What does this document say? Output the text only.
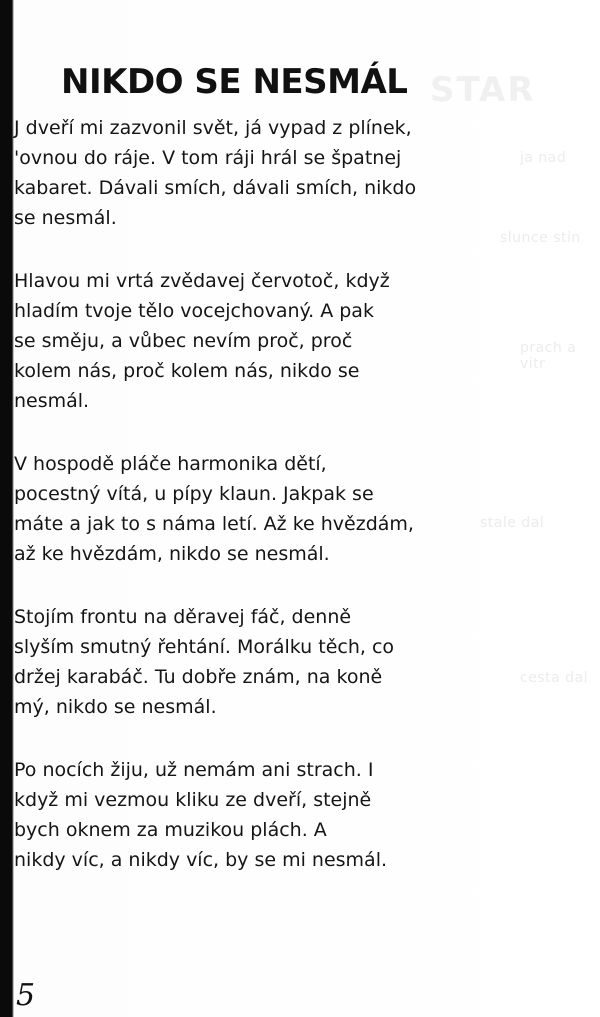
STAR
ja nad
slunce stin
prach a vitr
stale dal
cesta dal
NIKDO SE NESMÁL

J dveří mi zazvonil svět, já vypad z plínek,
'ovnou do ráje. V tom ráji hrál se špatnej
kabaret. Dávali smích, dávali smích, nikdo
se nesmál.

Hlavou mi vrtá zvědavej červotoč, když
hladím tvoje tělo vocejchovaný. A pak
se směju, a vůbec nevím proč, proč
kolem nás, proč kolem nás, nikdo se
nesmál.

V hospodě pláče harmonika dětí,
pocestný vítá, u pípy klaun. Jakpak se
máte a jak to s náma letí. Až ke hvězdám,
až ke hvězdám, nikdo se nesmál.

Stojím frontu na děravej fáč, denně
slyším smutný řehtání. Morálku těch, co
držej karabáč. Tu dobře znám, na koně
mý, nikdo se nesmál.

Po nocích žiju, už nemám ani strach. I
když mi vezmou kliku ze dveří, stejně
bych oknem za muzikou plách. A
nikdy víc, a nikdy víc, by se mi nesmál.

5
